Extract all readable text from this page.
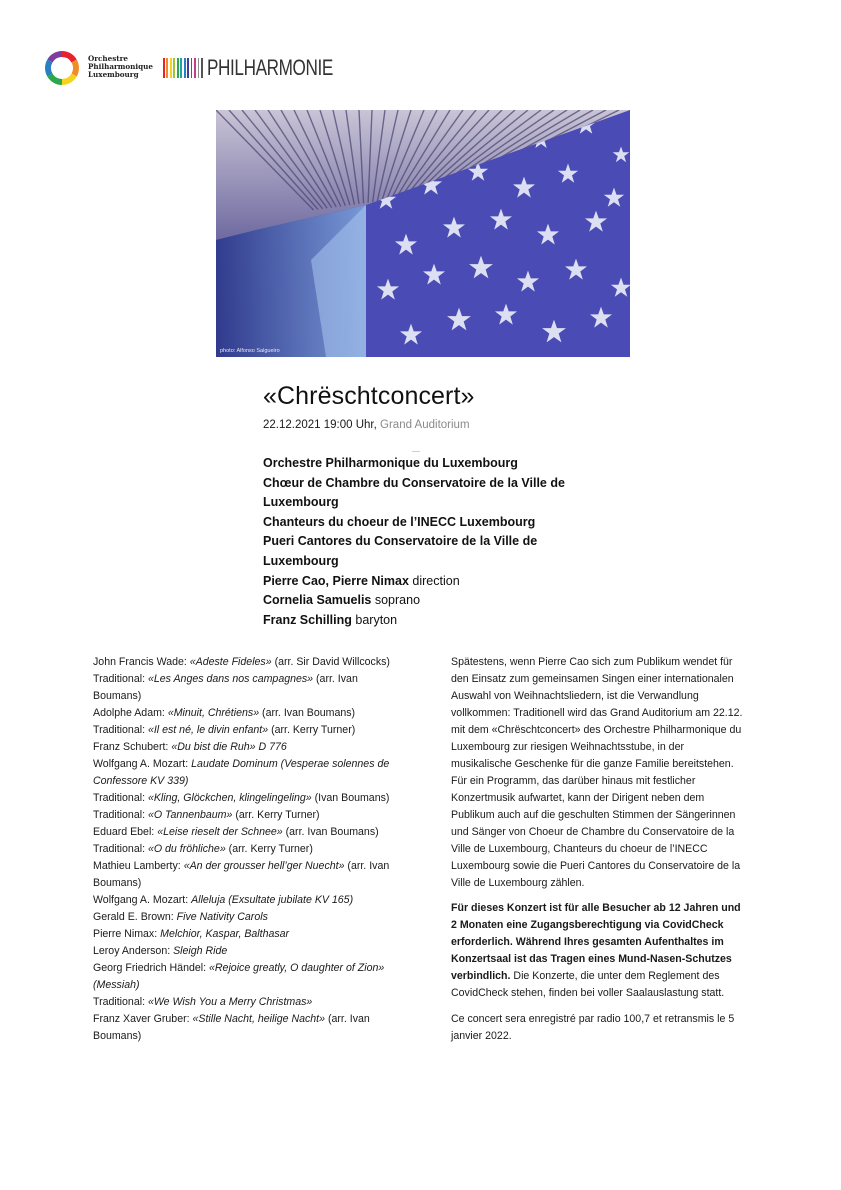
Orchestre
Philharmonique
Luxembourg	PHILHARMONIE
photo: Alfonso Salgueiro
«Chrëschtconcert»
22.12.2021 19:00 Uhr, Grand Auditorium

Orchestre Philharmonique du Luxembourg

Chœur de Chambre du Conservatoire de la Ville de

Luxembourg

Chanteurs du choeur de l’INECC Luxembourg

Pueri Cantores du Conservatoire de la Ville de

Luxembourg

Pierre Cao, Pierre Nimax direction

Cornelia Samuelis soprano

Franz Schilling baryton

John Francis Wade: «Adeste Fideles» (arr. Sir David Willcocks)

Traditional: «Les Anges dans nos campagnes» (arr. Ivan Boumans)

Adolphe Adam: «Minuit, Chrétiens» (arr. Ivan Boumans)

Traditional: «Il est né, le divin enfant» (arr. Kerry Turner)

Franz Schubert: «Du bist die Ruh» D 776

Wolfgang A. Mozart: Laudate Dominum (Vesperae solennes de Confessore KV 339)

Traditional: «Kling, Glöckchen, klingelingeling» (Ivan Boumans)

Traditional: «O Tannenbaum» (arr. Kerry Turner)

Eduard Ebel: «Leise rieselt der Schnee» (arr. Ivan Boumans)

Traditional: «O du fröhliche» (arr. Kerry Turner)

Mathieu Lamberty: «An der grousser hell’ger Nuecht» (arr. Ivan Boumans)

Wolfgang A. Mozart: Alleluja (Exsultate jubilate KV 165)

Gerald E. Brown: Five Nativity Carols

Pierre Nimax: Melchior, Kaspar, Balthasar

Leroy Anderson: Sleigh Ride

Georg Friedrich Händel: «Rejoice greatly, O daughter of Zion» (Messiah)

Traditional: «We Wish You a Merry Christmas»

Franz Xaver Gruber: «Stille Nacht, heilige Nacht» (arr. Ivan Boumans)

Spätestens, wenn Pierre Cao sich zum Publikum wendet für den Einsatz zum gemeinsamen Singen einer internationalen Auswahl von Weihnachtsliedern, ist die Verwandlung vollkommen: Traditionell wird das Grand Auditorium am 22.12. mit dem «Chrëschtconcert» des Orchestre Philharmonique du Luxembourg zur riesigen Weihnachtsstube, in der musikalische Geschenke für die ganze Familie bereitstehen. Für ein Programm, das darüber hinaus mit festlicher Konzertmusik aufwartet, kann der Dirigent neben dem Publikum auch auf die geschulten Stimmen der Sängerinnen und Sänger von Choeur de Chambre du Conservatoire de la Ville de Luxembourg, Chanteurs du choeur de l’INECC Luxembourg sowie die Pueri Cantores du Conservatoire de la Ville de Luxembourg zählen.

Für dieses Konzert ist für alle Besucher ab 12 Jahren und 2 Monaten eine Zugangsberechtigung via CovidCheck erforderlich. Während Ihres gesamten Aufenthaltes im Konzertsaal ist das Tragen eines Mund-Nasen-Schutzes verbindlich. Die Konzerte, die unter dem Reglement des CovidCheck stehen, finden bei voller Saalauslastung statt.

Ce concert sera enregistré par radio 100,7 et retransmis le 5 janvier 2022.
